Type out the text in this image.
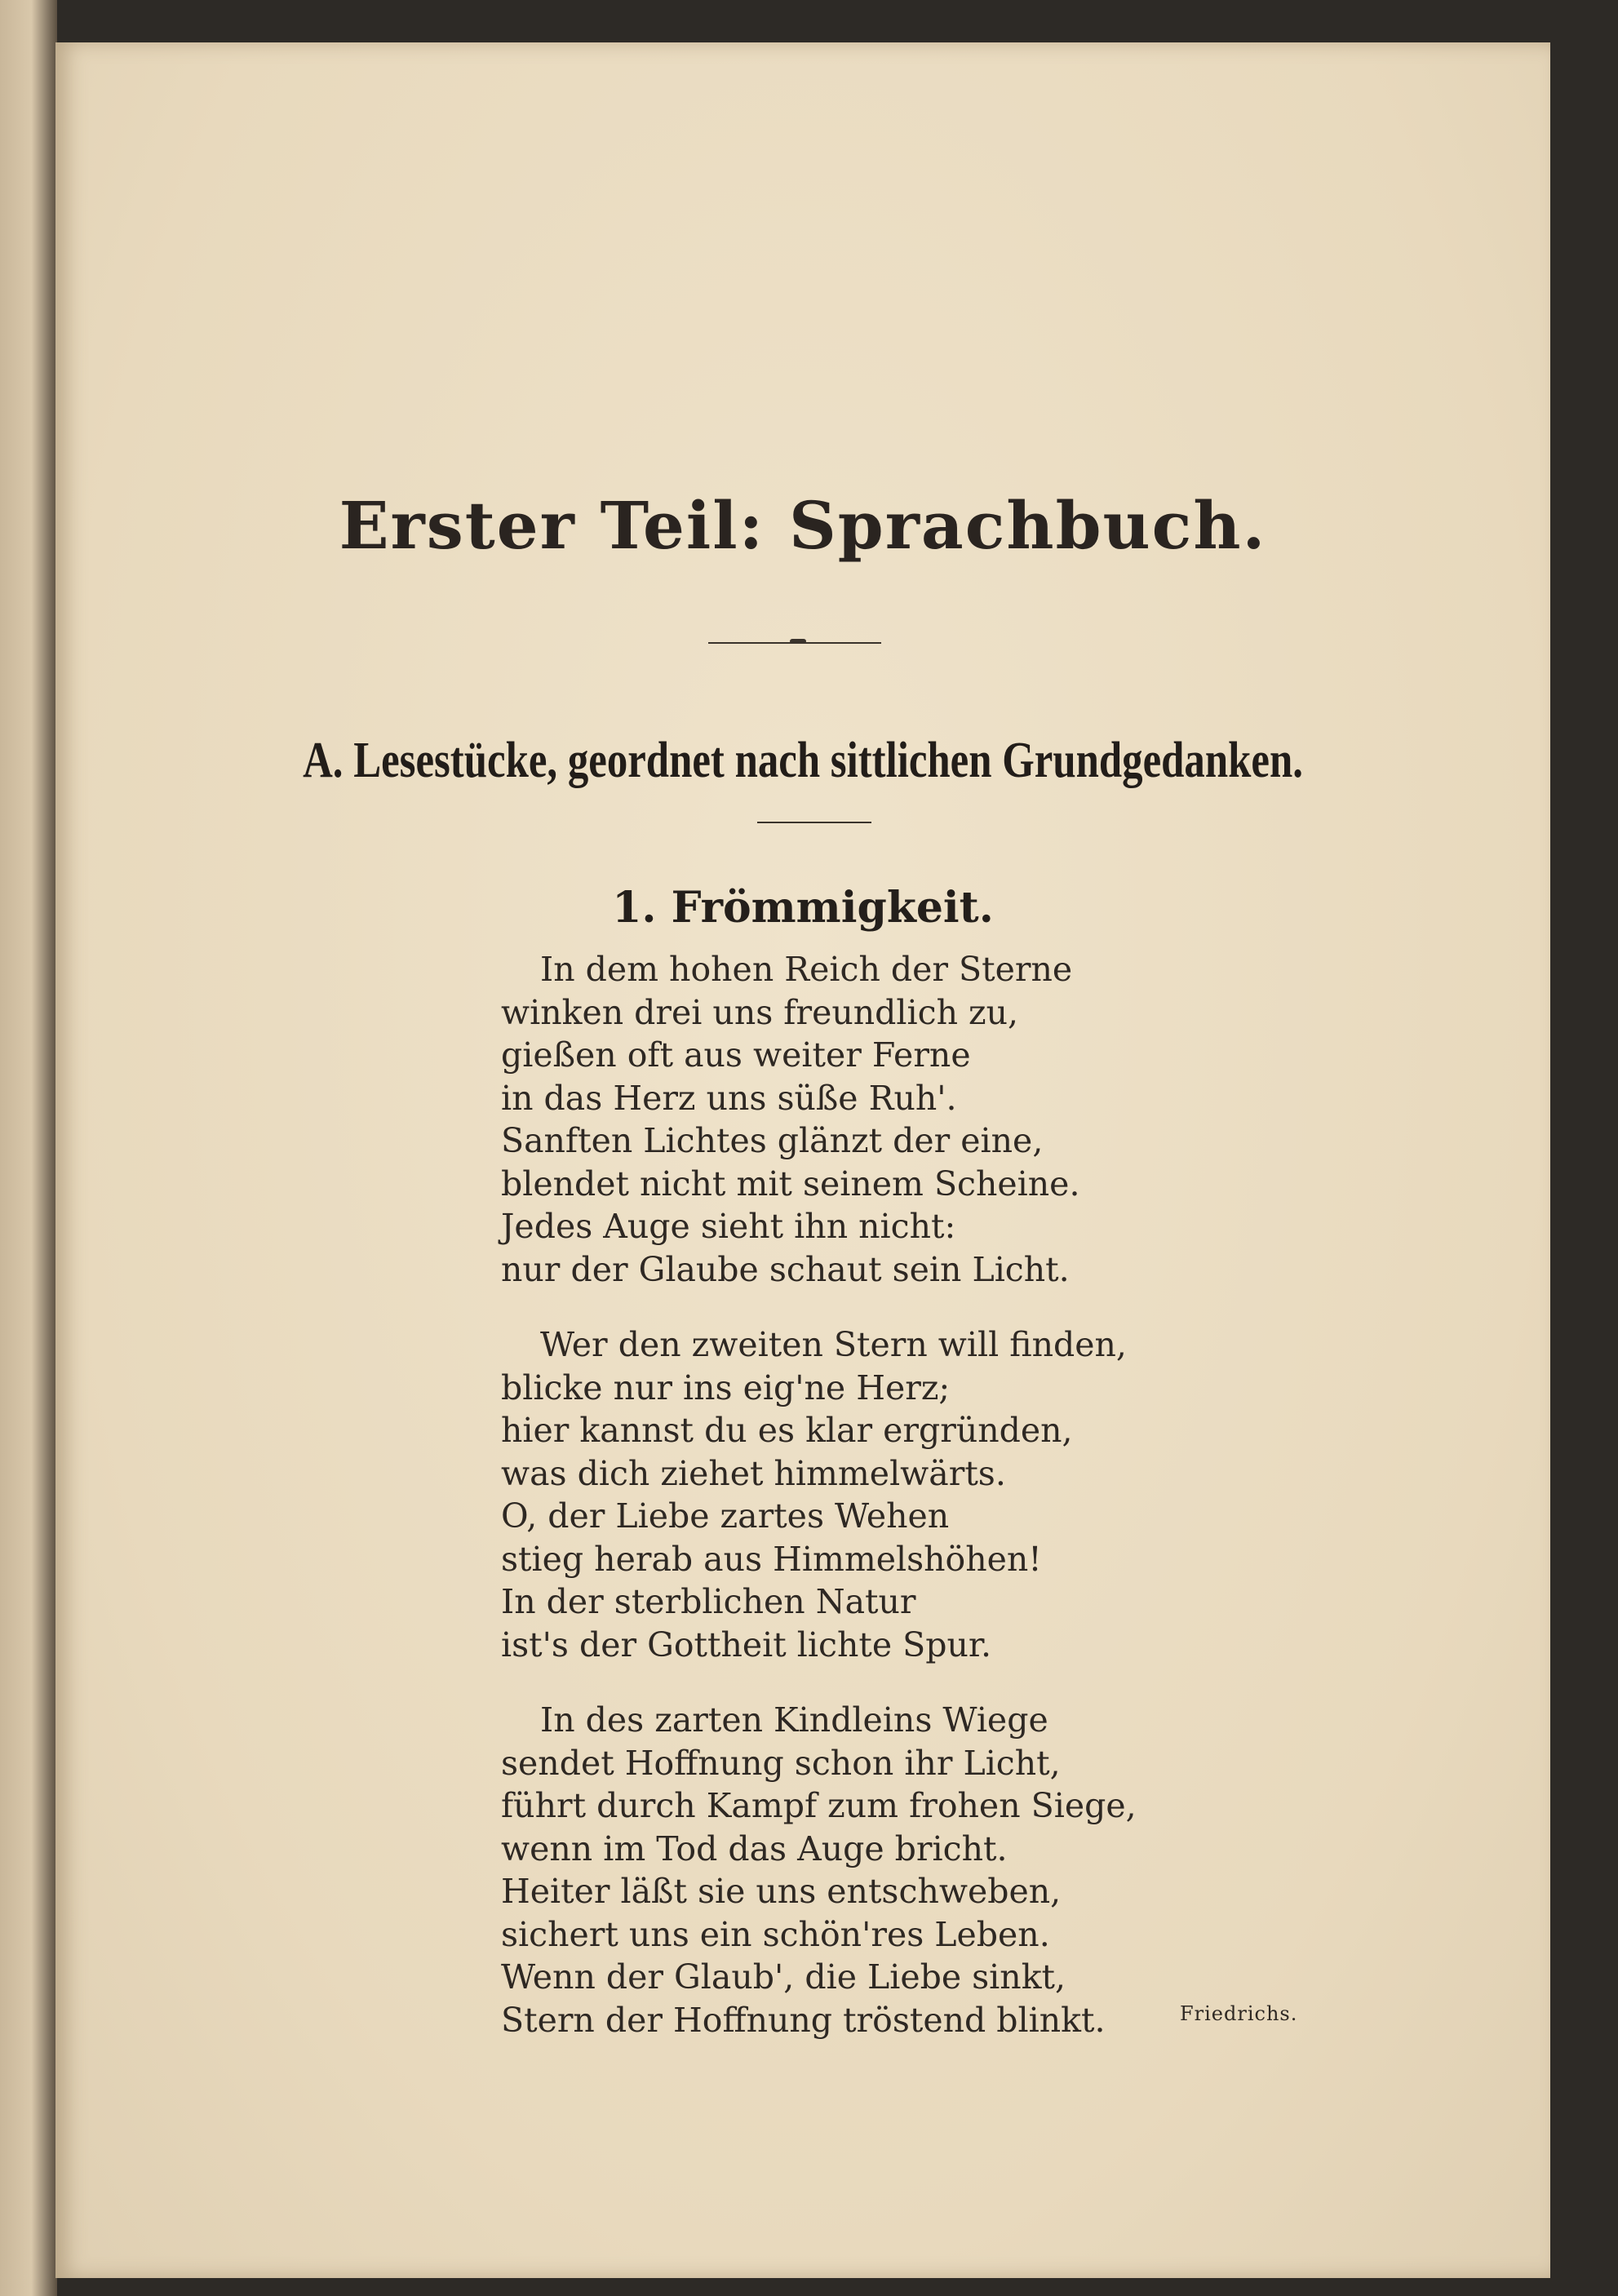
Erster Teil: Sprachbuch.
A. Lesestücke, geordnet nach sittlichen Grundgedanken.
1. Frömmigkeit.
In dem hohen Reich der Sterne
winken drei uns freundlich zu,
gießen oft aus weiter Ferne
in das Herz uns süße Ruh'.
Sanften Lichtes glänzt der eine,
blendet nicht mit seinem Scheine.
Jedes Auge sieht ihn nicht:
nur der Glaube schaut sein Licht.
Wer den zweiten Stern will finden,
blicke nur ins eig'ne Herz;
hier kannst du es klar ergründen,
was dich ziehet himmelwärts.
O, der Liebe zartes Wehen
stieg herab aus Himmelshöhen!
In der sterblichen Natur
ist's der Gottheit lichte Spur.
In des zarten Kindleins Wiege
sendet Hoffnung schon ihr Licht,
führt durch Kampf zum frohen Siege,
wenn im Tod das Auge bricht.
Heiter läßt sie uns entschweben,
sichert uns ein schön'res Leben.
Wenn der Glaub', die Liebe sinkt,
Stern der Hoffnung tröstend blinkt.	Friedrichs.
